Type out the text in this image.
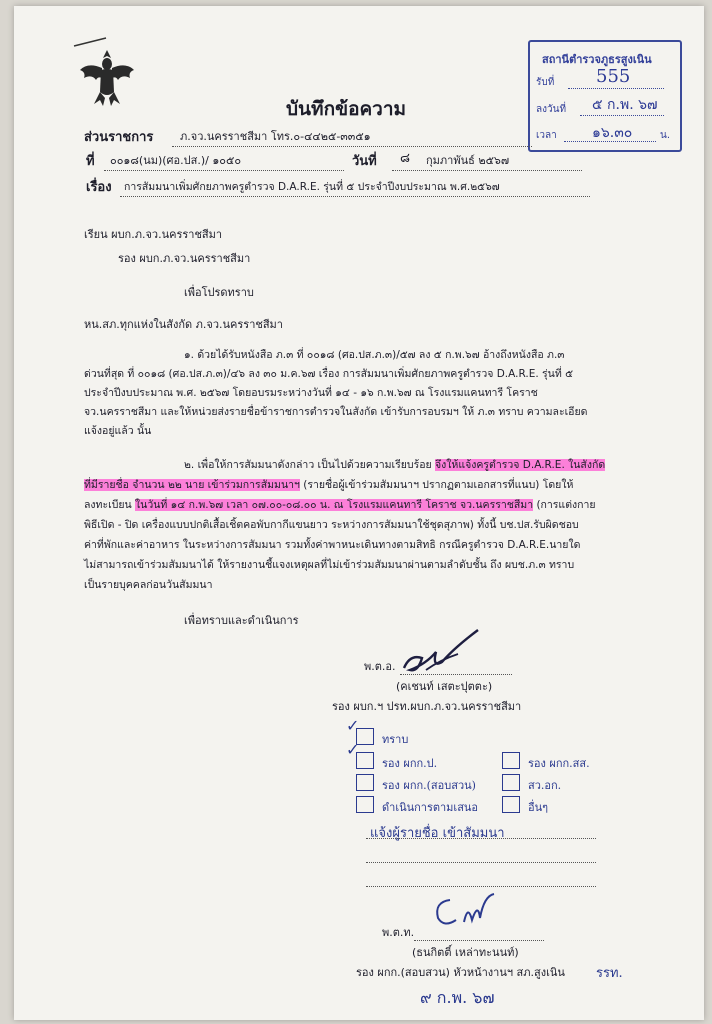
สถานีตำรวจภูธรสูงเนิน
รับที่ 555
ลงวันที่ ๕ ก.พ. ๖๗
เวลา	๑๖.๓๐	น.
บันทึกข้อความ
ส่วนราชการ ภ.จว.นครราชสีมา โทร.๐-๔๔๒๕-๓๓๕๑
ที่ ๐๐๑๘(นม)(ศอ.ปส.)/ ๑๐๕๐	วันที่ ๘ กุมภาพันธ์ ๒๕๖๗
เรื่อง การสัมมนาเพิ่มศักยภาพครูตำรวจ D.A.R.E. รุ่นที่ ๕ ประจำปีงบประมาณ พ.ศ.๒๕๖๗
เรียน ผบก.ภ.จว.นครราชสีมา
รอง ผบก.ภ.จว.นครราชสีมา
เพื่อโปรดทราบ
หน.สภ.ทุกแห่งในสังกัด ภ.จว.นครราชสีมา
๑. ด้วยได้รับหนังสือ ภ.๓ ที่ ๐๐๑๘ (ศอ.ปส.ภ.๓)/๕๗ ลง ๕ ก.พ.๖๗ อ้างถึงหนังสือ ภ.๓
ด่วนที่สุด ที่ ๐๐๑๘ (ศอ.ปส.ภ.๓)/๔๖ ลง ๓๐ ม.ค.๖๗ เรื่อง การสัมมนาเพิ่มศักยภาพครูตำรวจ D.A.R.E. รุ่นที่ ๕
ประจำปีงบประมาณ พ.ศ. ๒๕๖๗ โดยอบรมระหว่างวันที่ ๑๔ - ๑๖ ก.พ.๖๗ ณ โรงแรมแคนทารี โคราช
จว.นครราชสีมา และให้หน่วยส่งรายชื่อข้าราชการตำรวจในสังกัด เข้ารับการอบรมฯ ให้ ภ.๓ ทราบ ความละเอียด
แจ้งอยู่แล้ว นั้น
๒. เพื่อให้การสัมมนาดังกล่าว เป็นไปด้วยความเรียบร้อย จึงให้แจ้งครูตำรวจ D.A.R.E. ในสังกัด
ที่มีรายชื่อ จำนวน ๒๒ นาย เข้าร่วมการสัมมนาฯ (รายชื่อผู้เข้าร่วมสัมมนาฯ ปรากฏตามเอกสารที่แนบ) โดยให้
ลงทะเบียน ในวันที่ ๑๔ ก.พ.๖๗ เวลา ๐๗.๐๐-๐๘.๐๐ น. ณ โรงแรมแคนทารี โคราช จว.นครราชสีมา (การแต่งกาย
พิธีเปิด - ปิด เครื่องแบบปกติเสื้อเชิ้ตคอพับกากีแขนยาว ระหว่างการสัมมนาใช้ชุดสุภาพ) ทั้งนี้ บช.ปส.รับผิดชอบ
ค่าที่พักและค่าอาหาร ในระหว่างการสัมมนา รวมทั้งค่าพาหนะเดินทางตามสิทธิ กรณีครูตำรวจ D.A.R.E.นายใด
ไม่สามารถเข้าร่วมสัมมนาได้ ให้รายงานชี้แจงเหตุผลที่ไม่เข้าร่วมสัมมนาผ่านตามลำดับชั้น ถึง ผบช.ภ.๓ ทราบ
เป็นรายบุคคลก่อนวันสัมมนา
เพื่อทราบและดำเนินการ
พ.ต.อ.
(คเชนท์ เสตะปุตตะ)
รอง ผบก.ฯ ปรท.ผบก.ภ.จว.นครราชสีมา
✓
ทราบ
✓
รอง ผกก.ป.
รอง ผกก.(สอบสวน)
ดำเนินการตามเสนอ
รอง ผกก.สส.
สว.อก.
อื่นๆ
แจ้งผู้รายชื่อ เข้าสัมมนา
พ.ต.ท.
(ธนกิตติ์ เหล่าทะนนท์)
รอง ผกก.(สอบสวน) หัวหน้างานฯ สภ.สูงเนิน รรท.
๙ ก.พ. ๖๗
